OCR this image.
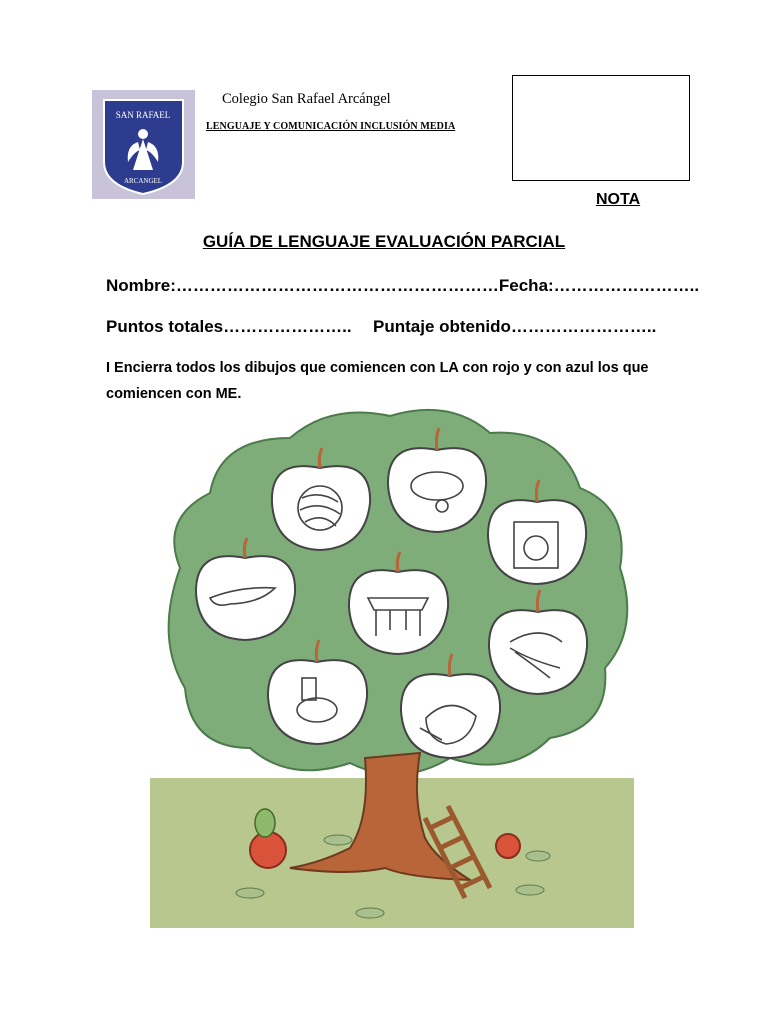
SAN RAFAEL
ARCANGEL
Colegio San Rafael Arcángel
LENGUAJE Y COMUNICACIÓN INCLUSIÓN MEDIA
NOTA
GUÍA DE LENGUAJE EVALUACIÓN PARCIAL
Nombre:…………………………………………………Fecha:……………………..
Puntos totales………………….. Puntaje obtenido……………………..
I Encierra todos los dibujos que comiencen con LA con rojo y con azul los que comiencen con ME.
